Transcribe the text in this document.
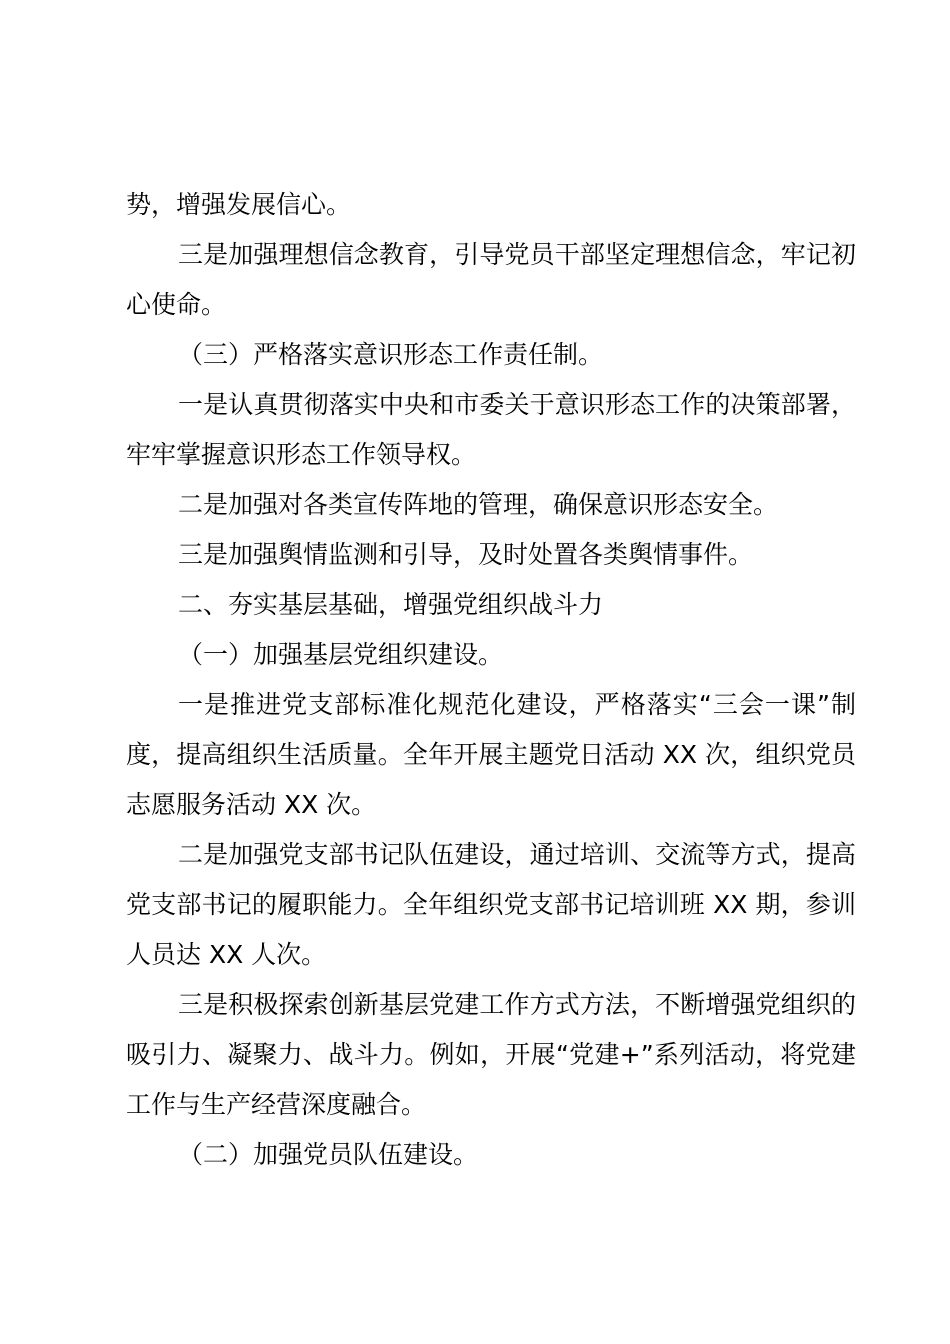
势，增强发展信心。

三是加强理想信念教育，引导党员干部坚定理想信念，牢记初心使命。

（三）严格落实意识形态工作责任制。

一是认真贯彻落实中央和市委关于意识形态工作的决策部署，牢牢掌握意识形态工作领导权。

二是加强对各类宣传阵地的管理，确保意识形态安全。

三是加强舆情监测和引导，及时处置各类舆情事件。

二、夯实基层基础，增强党组织战斗力

（一）加强基层党组织建设。

一是推进党支部标准化规范化建设，严格落实“三会一课”制度，提高组织生活质量。全年开展主题党日活动 XX 次，组织党员志愿服务活动 XX 次。

二是加强党支部书记队伍建设，通过培训、交流等方式，提高党支部书记的履职能力。全年组织党支部书记培训班 XX 期，参训人员达 XX 人次。

三是积极探索创新基层党建工作方式方法，不断增强党组织的吸引力、凝聚力、战斗力。例如，开展“党建+”系列活动，将党建工作与生产经营深度融合。

（二）加强党员队伍建设。
